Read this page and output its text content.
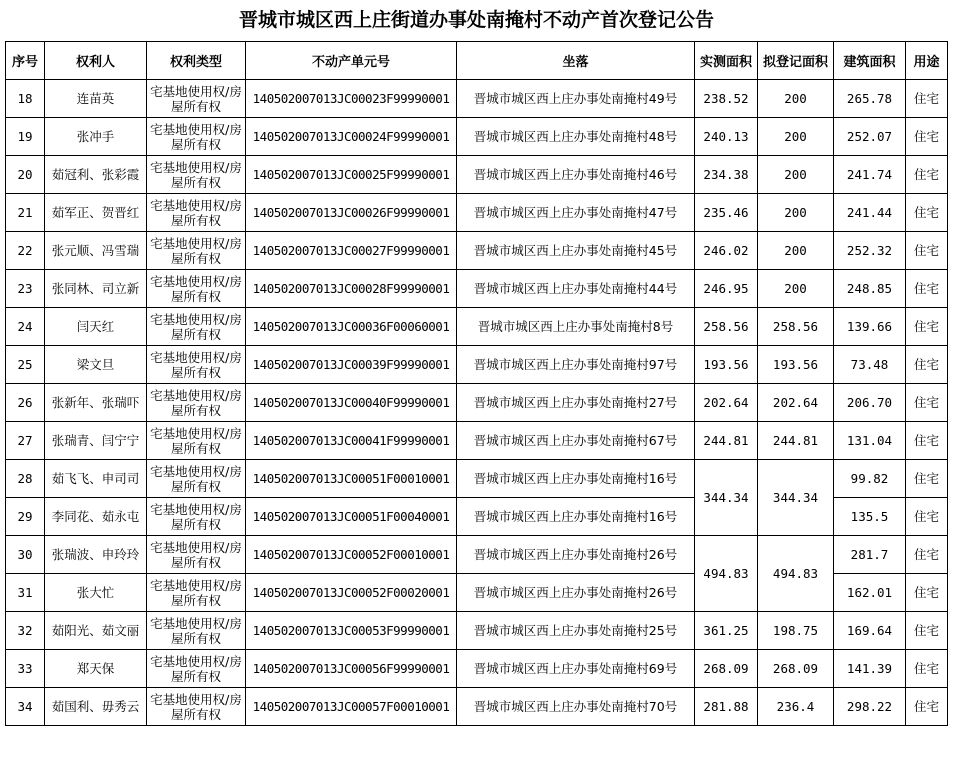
晋城市城区西上庄街道办事处南掩村不动产首次登记公告
序号	权利人	权利类型	不动产单元号	坐落	实测面积	拟登记面积	建筑面积	用途
18	连苗英	宅基地使用权/房屋所有权	140502007013JC00023F99990001	晋城市城区西上庄办事处南掩村49号	238.52	200	265.78	住宅
19	张冲手	宅基地使用权/房屋所有权	140502007013JC00024F99990001	晋城市城区西上庄办事处南掩村48号	240.13	200	252.07	住宅
20	茹冠利、张彩霞	宅基地使用权/房屋所有权	140502007013JC00025F99990001	晋城市城区西上庄办事处南掩村46号	234.38	200	241.74	住宅
21	茹军正、贺晋红	宅基地使用权/房屋所有权	140502007013JC00026F99990001	晋城市城区西上庄办事处南掩村47号	235.46	200	241.44	住宅
22	张元顺、冯雪瑞	宅基地使用权/房屋所有权	140502007013JC00027F99990001	晋城市城区西上庄办事处南掩村45号	246.02	200	252.32	住宅
23	张同林、司立新	宅基地使用权/房屋所有权	140502007013JC00028F99990001	晋城市城区西上庄办事处南掩村44号	246.95	200	248.85	住宅
24	闫天红	宅基地使用权/房屋所有权	140502007013JC00036F00060001	晋城市城区西上庄办事处南掩村8号	258.56	258.56	139.66	住宅
25	梁文旦	宅基地使用权/房屋所有权	140502007013JC00039F99990001	晋城市城区西上庄办事处南掩村97号	193.56	193.56	73.48	住宅
26	张新年、张瑞吓	宅基地使用权/房屋所有权	140502007013JC00040F99990001	晋城市城区西上庄办事处南掩村27号	202.64	202.64	206.70	住宅
27	张瑞青、闫宁宁	宅基地使用权/房屋所有权	140502007013JC00041F99990001	晋城市城区西上庄办事处南掩村67号	244.81	244.81	131.04	住宅
28	茹飞飞、申司司	宅基地使用权/房屋所有权	140502007013JC00051F00010001	晋城市城区西上庄办事处南掩村16号	344.34	344.34	99.82	住宅
29	李同花、茹永屯	宅基地使用权/房屋所有权	140502007013JC00051F00040001	晋城市城区西上庄办事处南掩村16号			135.5	住宅
30	张瑞波、申玲玲	宅基地使用权/房屋所有权	140502007013JC00052F00010001	晋城市城区西上庄办事处南掩村26号	494.83	494.83	281.7	住宅
31	张大忙	宅基地使用权/房屋所有权	140502007013JC00052F00020001	晋城市城区西上庄办事处南掩村26号			162.01	住宅
32	茹阳光、茹文丽	宅基地使用权/房屋所有权	140502007013JC00053F99990001	晋城市城区西上庄办事处南掩村25号	361.25	198.75	169.64	住宅
33	郑天保	宅基地使用权/房屋所有权	140502007013JC00056F99990001	晋城市城区西上庄办事处南掩村69号	268.09	268.09	141.39	住宅
34	茹国利、毋秀云	宅基地使用权/房屋所有权	140502007013JC00057F00010001	晋城市城区西上庄办事处南掩村70号	281.88	236.4	298.22	住宅
